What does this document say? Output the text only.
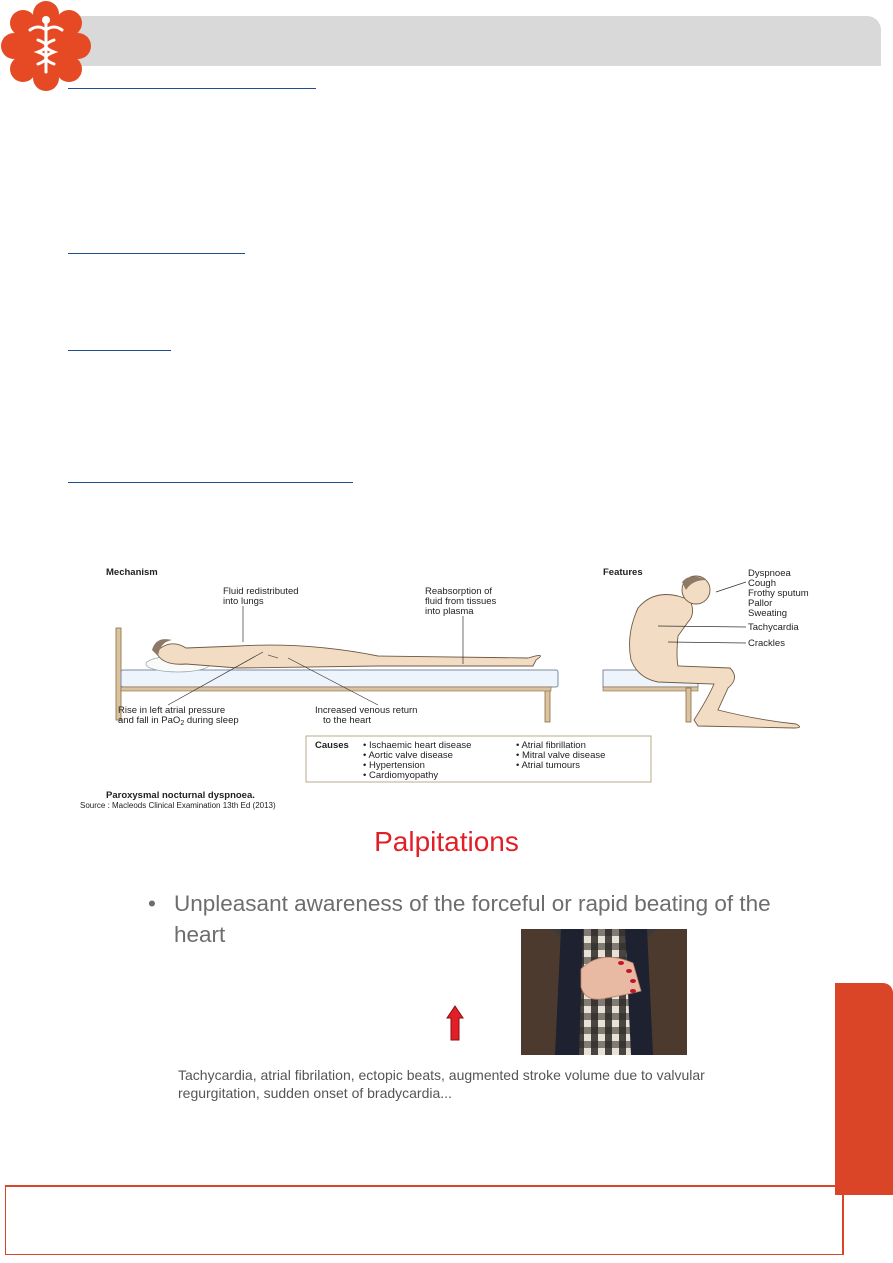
Mechanism	Features
Fluid redistributed
into lungs
Reabsorption of
fluid from tissues
into plasma
Rise in left atrial pressure
and fall in PaO$_2$ during sleep
Increased venous return
to the heart
Dyspnoea
Cough
Frothy sputum
Pallor
Sweating
Tachycardia
Crackles
Causes • Ischaemic heart disease
• Aortic valve disease
• Hypertension
• Cardiomyopathy
• Atrial fibrillation
• Mitral valve disease
• Atrial tumours
Paroxysmal nocturnal dyspnoea.
Source : Macleods Clinical Examination 13th Ed (2013)
Palpitations
• Unpleasant awareness of the forceful or rapid beating of the heart
Tachycardia, atrial fibrilation, ectopic beats, augmented stroke volume due to valvular regurgitation, sudden onset of bradycardia...
